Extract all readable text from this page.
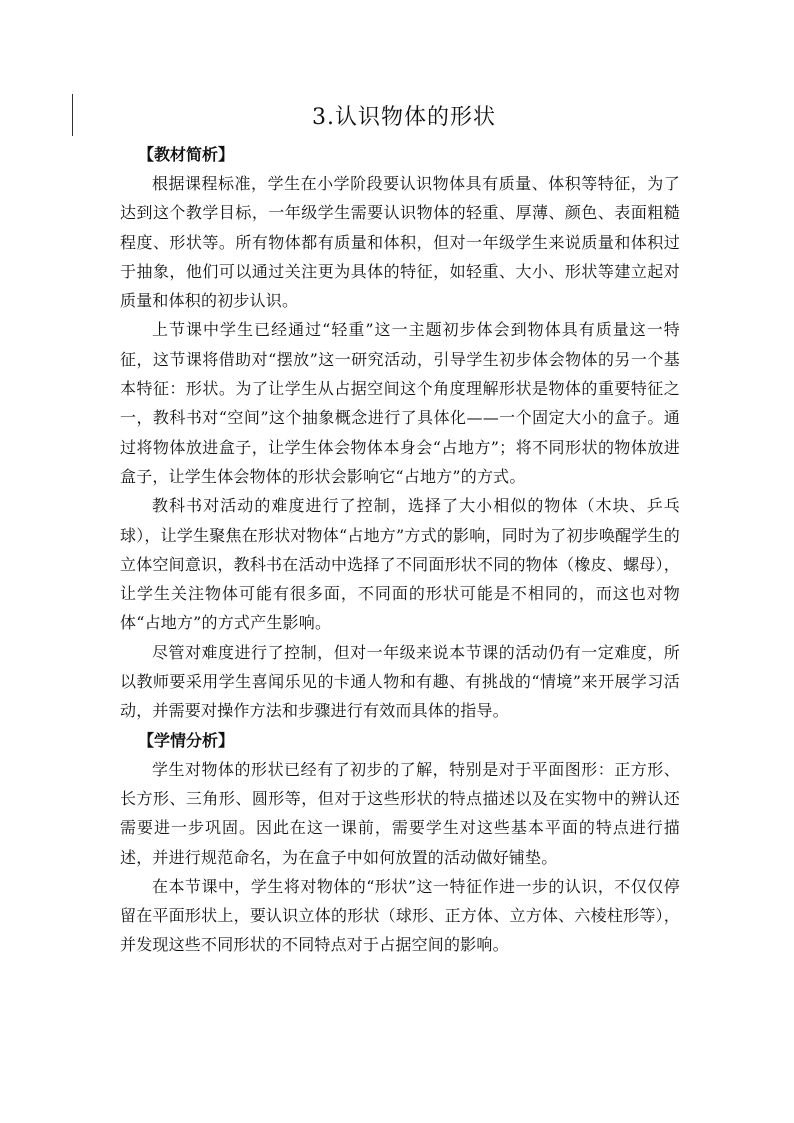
3.认识物体的形状

【教材简析】

根据课程标准，学生在小学阶段要认识物体具有质量、体积等特征，为了达到这个教学目标，一年级学生需要认识物体的轻重、厚薄、颜色、表面粗糙程度、形状等。所有物体都有质量和体积，但对一年级学生来说质量和体积过于抽象，他们可以通过关注更为具体的特征，如轻重、大小、形状等建立起对质量和体积的初步认识。

上节课中学生已经通过“轻重”这一主题初步体会到物体具有质量这一特征，这节课将借助对“摆放”这一研究活动，引导学生初步体会物体的另一个基本特征：形状。为了让学生从占据空间这个角度理解形状是物体的重要特征之一，教科书对“空间”这个抽象概念进行了具体化——一个固定大小的盒子。通过将物体放进盒子，让学生体会物体本身会“占地方”；将不同形状的物体放进盒子，让学生体会物体的形状会影响它“占地方”的方式。

教科书对活动的难度进行了控制，选择了大小相似的物体（木块、乒乓球），让学生聚焦在形状对物体“占地方”方式的影响，同时为了初步唤醒学生的立体空间意识，教科书在活动中选择了不同面形状不同的物体（橡皮、螺母），让学生关注物体可能有很多面，不同面的形状可能是不相同的，而这也对物体“占地方”的方式产生影响。

尽管对难度进行了控制，但对一年级来说本节课的活动仍有一定难度，所以教师要采用学生喜闻乐见的卡通人物和有趣、有挑战的“情境”来开展学习活动，并需要对操作方法和步骤进行有效而具体的指导。

【学情分析】

学生对物体的形状已经有了初步的了解，特别是对于平面图形：正方形、长方形、三角形、圆形等，但对于这些形状的特点描述以及在实物中的辨认还需要进一步巩固。因此在这一课前，需要学生对这些基本平面的特点进行描述，并进行规范命名，为在盒子中如何放置的活动做好铺垫。

在本节课中，学生将对物体的“形状”这一特征作进一步的认识，不仅仅停留在平面形状上，要认识立体的形状（球形、正方体、立方体、六棱柱形等），并发现这些不同形状的不同特点对于占据空间的影响。
